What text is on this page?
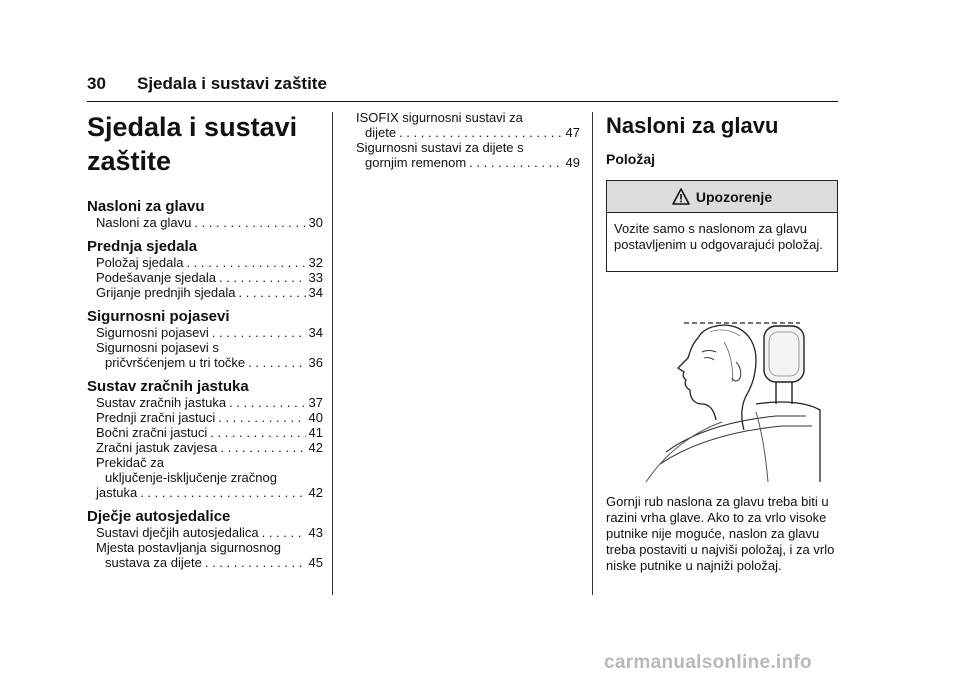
30 Sjedala i sustavi zaštite
Sjedala i sustavi
zaštite
Nasloni za glavu
Nasloni za glavu . . .	30
Prednja sjedala
Položaj sjedala . . .	32
Podešavanje sjedala . . .	33
Grijanje prednjih sjedala . . .	34
Sigurnosni pojasevi
Sigurnosni pojasevi . . .	34
Sigurnosni pojasevi s
pričvršćenjem u tri točke . . .	36
Sustav zračnih jastuka
Sustav zračnih jastuka . . .	37
Prednji zračni jastuci . . .	40
Bočni zračni jastuci . . .	41
Zračni jastuk zavjesa . . .	42
Prekidač za
uključenje-isključenje zračnog
jastuka . . .	42
Dječje autosjedalice
Sustavi dječjih autosjedalica . . .	43
Mjesta postavljanja sigurnosnog
sustava za dijete . . .	45
ISOFIX sigurnosni sustavi za
dijete . . .	47
Sigurnosni sustavi za dijete s
gornjim remenom . . .	49
Nasloni za glavu
Položaj
Upozorenje
Vozite samo s naslonom za glavu postavljenim u odgovarajući položaj.
Gornji rub naslona za glavu treba biti u razini vrha glave. Ako to za vrlo visoke putnike nije moguće, naslon za glavu treba postaviti u najviši položaj, i za vrlo niske putnike u najniži položaj.
carmanualsonline.info
